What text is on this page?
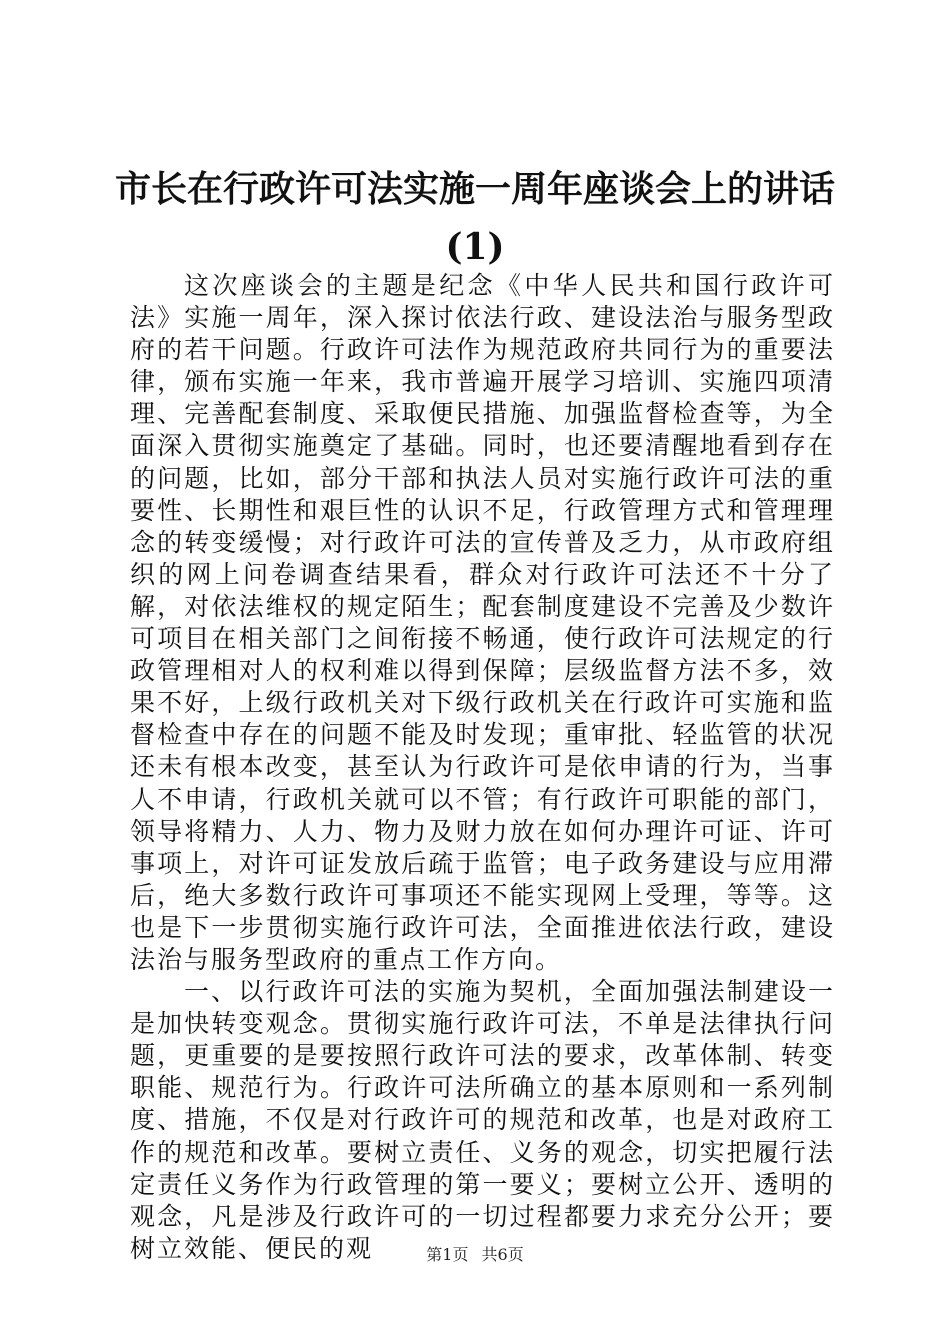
市长在行政许可法实施一周年座谈会上的讲话
(1)

这次座谈会的主题是纪念《中华人民共和国行政许可法》实施一周年，深入探讨依法行政、建设法治与服务型政府的若干问题。行政许可法作为规范政府共同行为的重要法律，颁布实施一年来，我市普遍开展学习培训、实施四项清理、完善配套制度、采取便民措施、加强监督检查等，为全面深入贯彻实施奠定了基础。同时，也还要清醒地看到存在的问题，比如，部分干部和执法人员对实施行政许可法的重要性、长期性和艰巨性的认识不足，行政管理方式和管理理念的转变缓慢；对行政许可法的宣传普及乏力，从市政府组织的网上问卷调查结果看，群众对行政许可法还不十分了解，对依法维权的规定陌生；配套制度建设不完善及少数许可项目在相关部门之间衔接不畅通，使行政许可法规定的行政管理相对人的权利难以得到保障；层级监督方法不多，效果不好，上级行政机关对下级行政机关在行政许可实施和监督检查中存在的问题不能及时发现；重审批、轻监管的状况还未有根本改变，甚至认为行政许可是依申请的行为，当事人不申请，行政机关就可以不管；有行政许可职能的部门，领导将精力、人力、物力及财力放在如何办理许可证、许可事项上，对许可证发放后疏于监管；电子政务建设与应用滞后，绝大多数行政许可事项还不能实现网上受理，等等。这也是下一步贯彻实施行政许可法，全面推进依法行政，建设法治与服务型政府的重点工作方向。

一、以行政许可法的实施为契机，全面加强法制建设一是加快转变观念。贯彻实施行政许可法，不单是法律执行问题，更重要的是要按照行政许可法的要求，改革体制、转变职能、规范行为。行政许可法所确立的基本原则和一系列制度、措施，不仅是对行政许可的规范和改革，也是对政府工作的规范和改革。要树立责任、义务的观念，切实把履行法定责任义务作为行政管理的第一要义；要树立公开、透明的观念，凡是涉及行政许可的一切过程都要力求充分公开；要树立效能、便民的观	第1页 共6页
